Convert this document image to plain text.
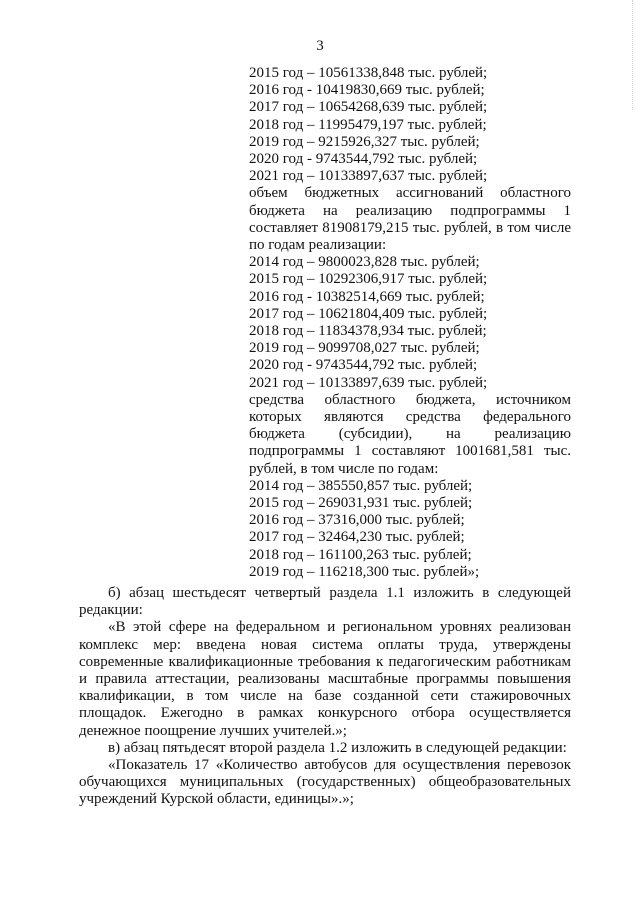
3
2015 год – 10561338,848 тыс. рублей;
2016 год - 10419830,669 тыс. рублей;
2017 год – 10654268,639 тыс. рублей;
2018 год – 11995479,197 тыс. рублей;
2019 год – 9215926,327 тыс. рублей;
2020 год - 9743544,792 тыс. рублей;
2021 год – 10133897,637 тыс. рублей;
объем бюджетных ассигнований областного бюджета на реализацию подпрограммы 1 составляет 81908179,215 тыс. рублей, в том числе по годам реализации:
2014 год – 9800023,828 тыс. рублей;
2015 год – 10292306,917 тыс. рублей;
2016 год - 10382514,669 тыс. рублей;
2017 год – 10621804,409 тыс. рублей;
2018 год – 11834378,934 тыс. рублей;
2019 год – 9099708,027 тыс. рублей;
2020 год - 9743544,792 тыс. рублей;
2021 год – 10133897,639 тыс. рублей;
средства областного бюджета, источником которых являются средства федерального бюджета (субсидии), на реализацию подпрограммы 1 составляют 1001681,581 тыс. рублей, в том числе по годам:
2014 год – 385550,857 тыс. рублей;
2015 год – 269031,931 тыс. рублей;
2016 год – 37316,000 тыс. рублей;
2017 год – 32464,230 тыс. рублей;
2018 год – 161100,263 тыс. рублей;
2019 год – 116218,300 тыс. рублей»;
б) абзац шестьдесят четвертый раздела 1.1 изложить в следующей редакции:
«В этой сфере на федеральном и региональном уровнях реализован комплекс мер: введена новая система оплаты труда, утверждены современные квалификационные требования к педагогическим работникам и правила аттестации, реализованы масштабные программы повышения квалификации, в том числе на базе созданной сети стажировочных площадок. Ежегодно в рамках конкурсного отбора осуществляется денежное поощрение лучших учителей.»;
в) абзац пятьдесят второй раздела 1.2 изложить в следующей редакции:
«Показатель 17 «Количество автобусов для осуществления перевозок обучающихся муниципальных (государственных) общеобразовательных учреждений Курской области, единицы».»;
